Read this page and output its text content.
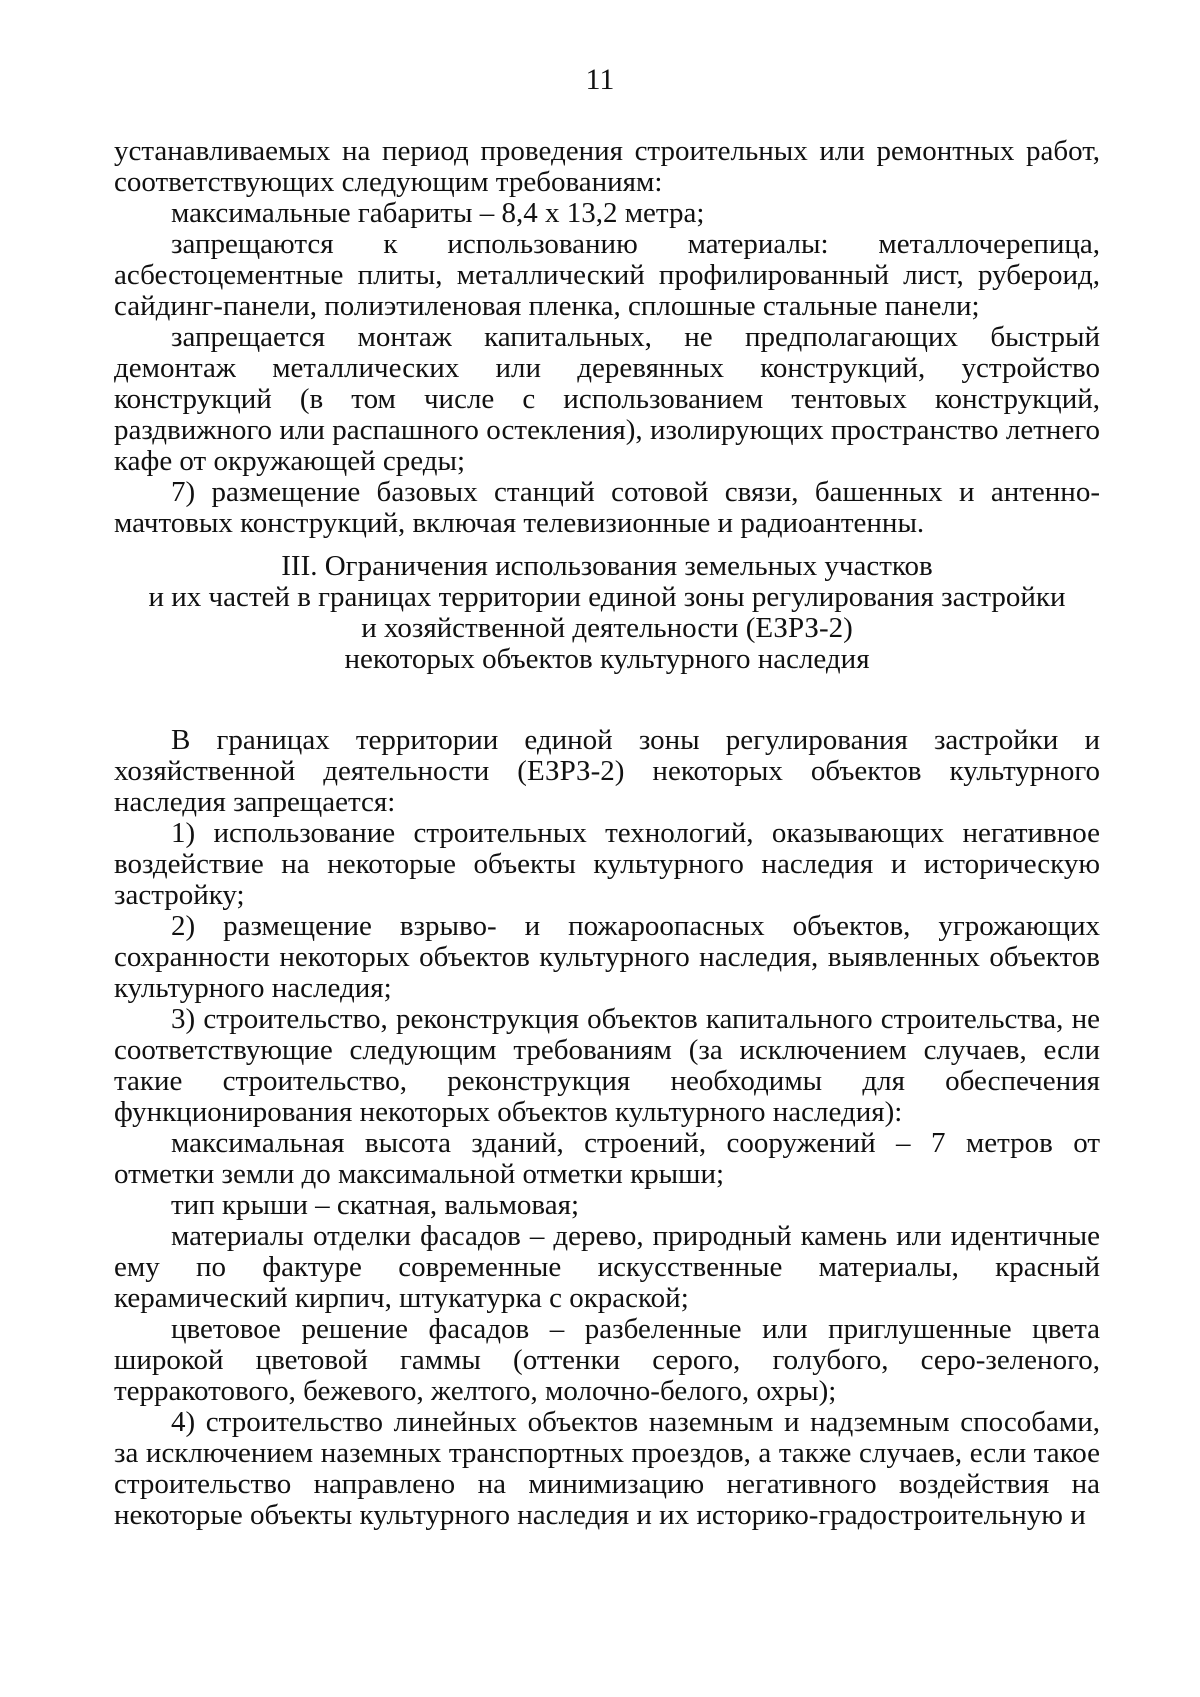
11

устанавливаемых на период проведения строительных или ремонтных работ, соответствующих следующим требованиям:

максимальные габариты – 8,4 х 13,2 метра;

запрещаются к использованию материалы: металлочерепица, асбестоцементные плиты, металлический профилированный лист, рубероид, сайдинг-панели, полиэтиленовая пленка, сплошные стальные панели;

запрещается монтаж капитальных, не предполагающих быстрый демонтаж металлических или деревянных конструкций, устройство конструкций (в том числе с использованием тентовых конструкций, раздвижного или распашного остекления), изолирующих пространство летнего кафе от окружающей среды;

7) размещение базовых станций сотовой связи, башенных и антенно-мачтовых конструкций, включая телевизионные и радиоантенны.

III. Ограничения использования земельных участков
и их частей в границах территории единой зоны регулирования застройки
и хозяйственной деятельности (ЕЗРЗ-2)
некоторых объектов культурного наследия

В границах территории единой зоны регулирования застройки и хозяйственной деятельности (ЕЗРЗ-2) некоторых объектов культурного наследия запрещается:

1) использование строительных технологий, оказывающих негативное воздействие на некоторые объекты культурного наследия и историческую застройку;

2) размещение взрыво- и пожароопасных объектов, угрожающих сохранности некоторых объектов культурного наследия, выявленных объектов культурного наследия;

3) строительство, реконструкция объектов капитального строительства, не соответствующие следующим требованиям (за исключением случаев, если такие строительство, реконструкция необходимы для обеспечения функционирования некоторых объектов культурного наследия):

максимальная высота зданий, строений, сооружений – 7 метров от отметки земли до максимальной отметки крыши;

тип крыши – скатная, вальмовая;

материалы отделки фасадов – дерево, природный камень или идентичные ему по фактуре современные искусственные материалы, красный керамический кирпич, штукатурка с окраской;

цветовое решение фасадов – разбеленные или приглушенные цвета широкой цветовой гаммы (оттенки серого, голубого, серо-зеленого, терракотового, бежевого, желтого, молочно-белого, охры);

4) строительство линейных объектов наземным и надземным способами, за исключением наземных транспортных проездов, а также случаев, если такое строительство направлено на минимизацию негативного воздействия на некоторые объекты культурного наследия и их историко-градостроительную и
